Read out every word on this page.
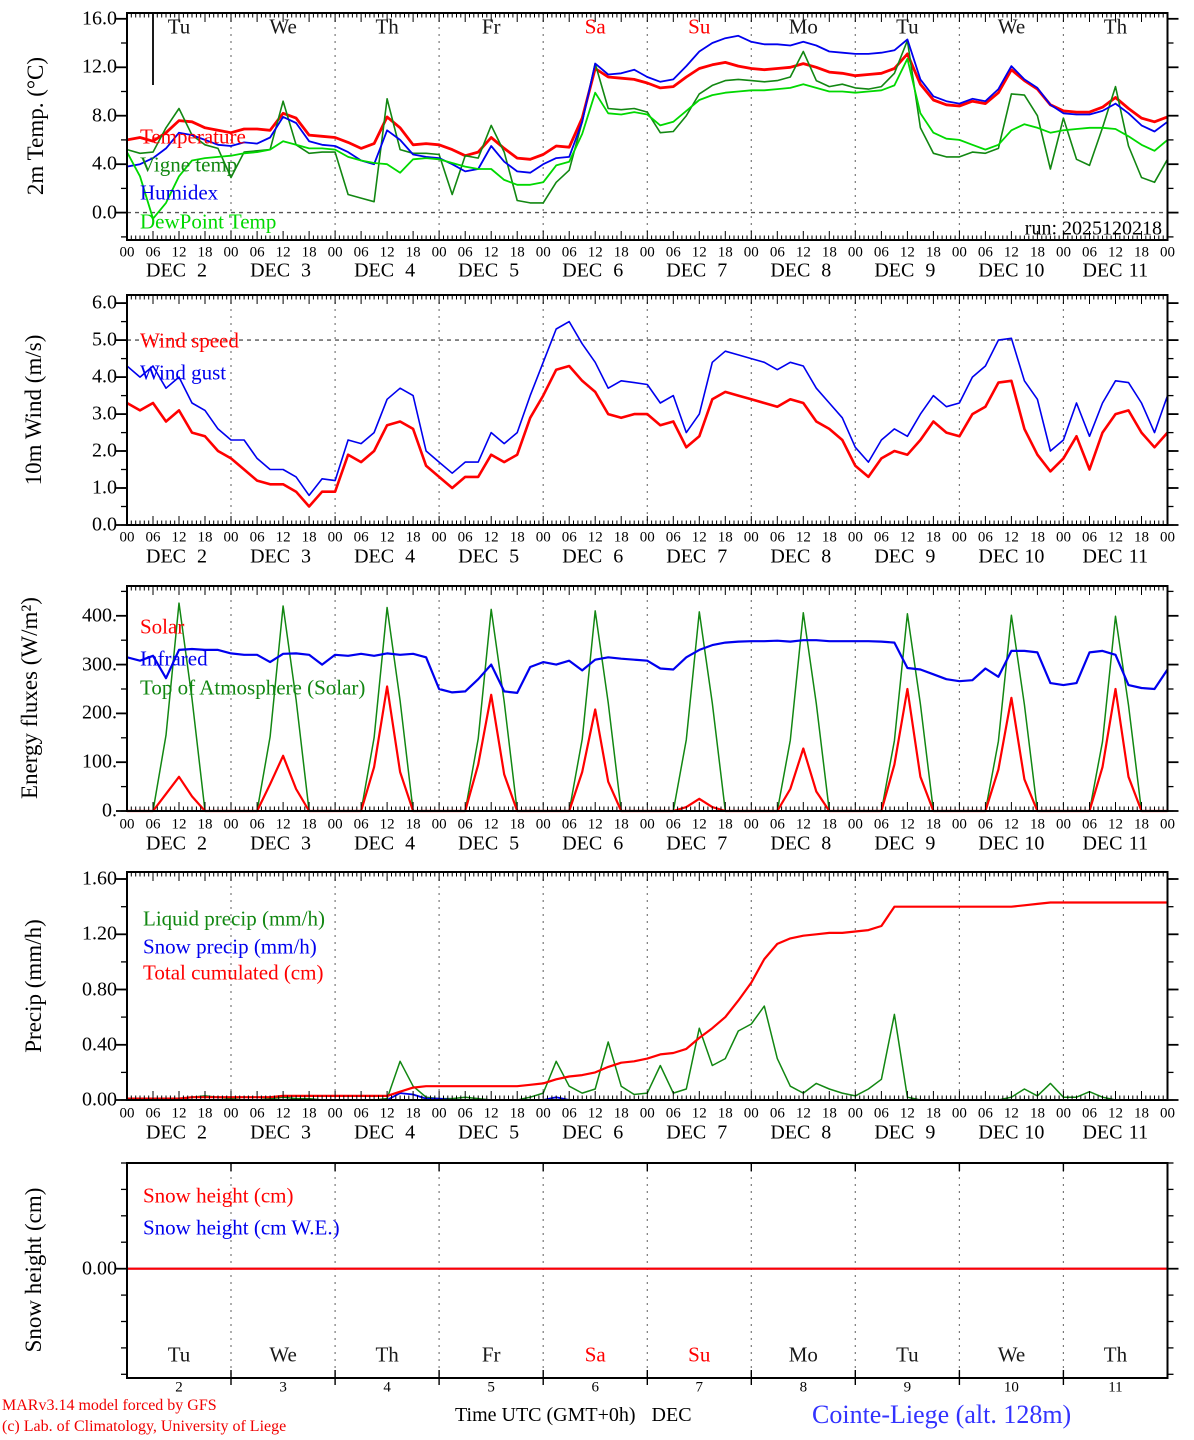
2m Temp. (°C)
10m Wind (m/s)
Energy fluxes (W/m²)
Precip (mm/h)
Snow height (cm)
run: 2025120218
MARv3.14 model forced by GFS
(c) Lab. of Climatology, University of Liege
Time UTC (GMT+0h) DEC	Cointe-Liege (alt. 128m)
0.0
4.0
8.0
12.0
16.0
00 06 12 18 00 06 12 18 00 06 12 18 00 06 12 18 00 06 12 18 00 06 12 18 00 06 12 18 00 06 12 18 00 06 12 18 00 06 12 18 00
DEC 2 DEC 3 DEC 4 DEC 5 DEC 6 DEC 7 DEC 8 DEC 9 DEC 10 DEC 11
Temperature
Vigne temp
Humidex
DewPoint Temp
0.0
1.0
2.0
3.0
4.0
5.0
6.0
00 06 12 18 00 06 12 18 00 06 12 18 00 06 12 18 00 06 12 18 00 06 12 18 00 06 12 18 00 06 12 18 00 06 12 18 00 06 12 18 00
DEC 2 DEC 3 DEC 4 DEC 5 DEC 6 DEC 7 DEC 8 DEC 9 DEC 10 DEC 11
Wind speed
Wind gust
0.
100.
200.
300.
400.
00 06 12 18 00 06 12 18 00 06 12 18 00 06 12 18 00 06 12 18 00 06 12 18 00 06 12 18 00 06 12 18 00 06 12 18 00 06 12 18 00
DEC 2 DEC 3 DEC 4 DEC 5 DEC 6 DEC 7 DEC 8 DEC 9 DEC 10 DEC 11
Solar
Infrared
Top of Atmosphere (Solar)
0.00
0.40
0.80
1.20
1.60
00 06 12 18 00 06 12 18 00 06 12 18 00 06 12 18 00 06 12 18 00 06 12 18 00 06 12 18 00 06 12 18 00 06 12 18 00 06 12 18 00
DEC 2 DEC 3 DEC 4 DEC 5 DEC 6 DEC 7 DEC 8 DEC 9 DEC 10 DEC 11
Liquid precip (mm/h)
Snow precip (mm/h)
Total cumulated (cm)
0.00
2	3	4	5	6	7	8	9	10	11
Snow height (cm)
Snow height (cm W.E.)
Tu	We	Th	Fr	Sa	Su	Mo	Tu	We	Th
Tu	We	Th	Fr	Sa	Su	Mo	Tu	We	Th
